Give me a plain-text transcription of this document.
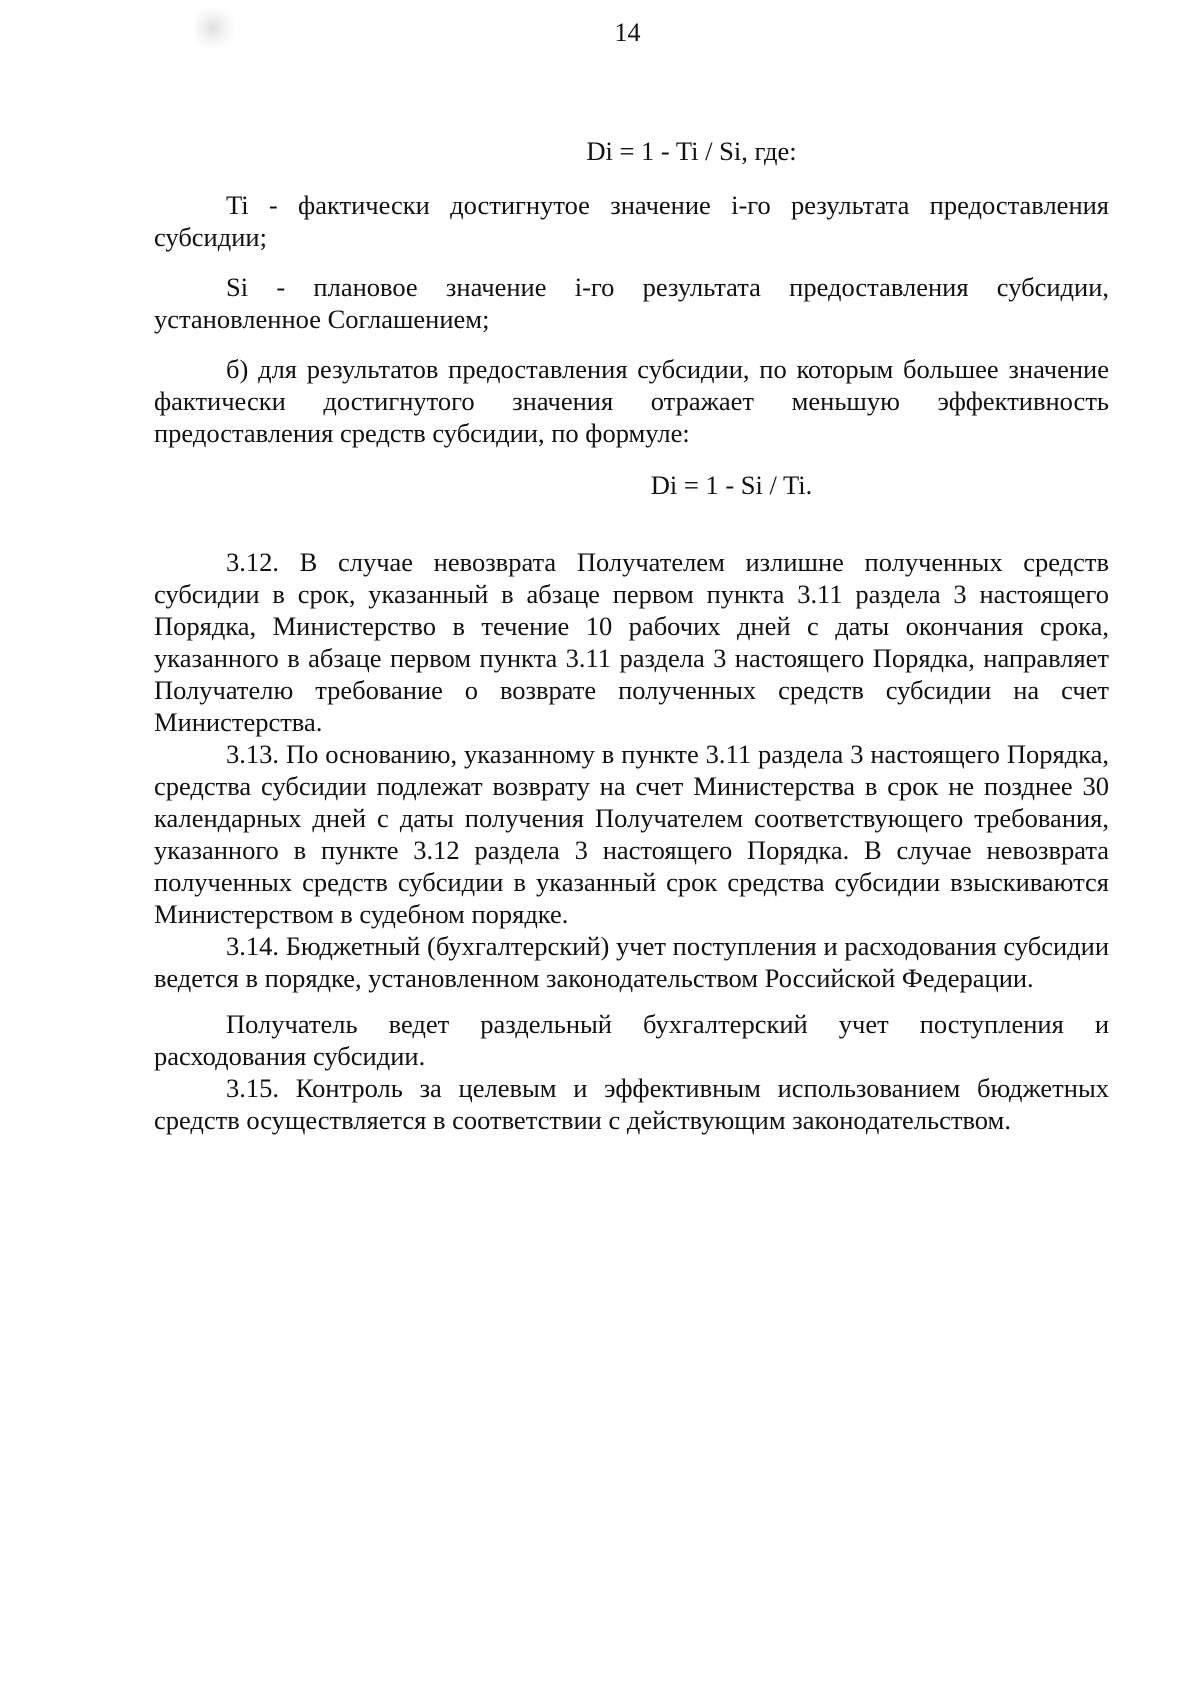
14

Di = 1 - Ti / Si, где:

Ti - фактически достигнутое значение i-го результата предоставления субсидии;

Si - плановое значение i-го результата предоставления субсидии, установленное Соглашением;

б) для результатов предоставления субсидии, по которым большее значение фактически достигнутого значения отражает меньшую эффективность предоставления средств субсидии, по формуле:

Di = 1 - Si / Ti.

3.12. В случае невозврата Получателем излишне полученных средств субсидии в срок, указанный в абзаце первом пункта 3.11 раздела 3 настоящего Порядка, Министерство в течение 10 рабочих дней с даты окончания срока, указанного в абзаце первом пункта 3.11 раздела 3 настоящего Порядка, направляет Получателю требование о возврате полученных средств субсидии на счет Министерства.

3.13. По основанию, указанному в пункте 3.11 раздела 3 настоящего Порядка, средства субсидии подлежат возврату на счет Министерства в срок не позднее 30 календарных дней с даты получения Получателем соответствующего требования, указанного в пункте 3.12 раздела 3 настоящего Порядка. В случае невозврата полученных средств субсидии в указанный срок средства субсидии взыскиваются Министерством в судебном порядке.

3.14. Бюджетный (бухгалтерский) учет поступления и расходования субсидии ведется в порядке, установленном законодательством Российской Федерации.

Получатель ведет раздельный бухгалтерский учет поступления и расходования субсидии.

3.15. Контроль за целевым и эффективным использованием бюджетных средств осуществляется в соответствии с действующим законодательством.
